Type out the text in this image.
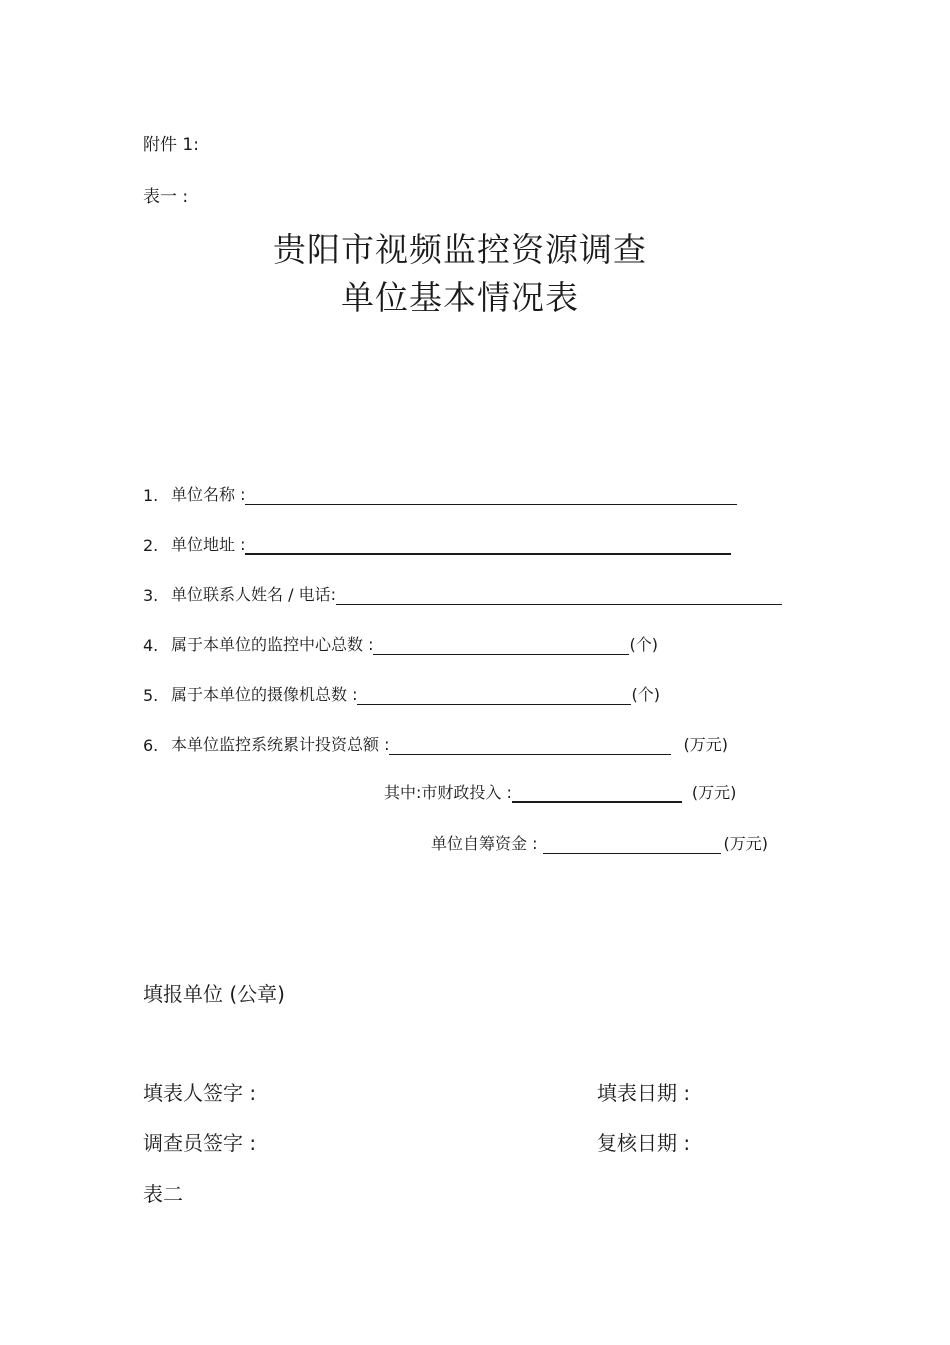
附件 1:
表一 :
贵阳市视频监控资源调查
单位基本情况表
1. 单位名称 :
2. 单位地址 :
3. 单位联系人姓名 / 电话:
4. 属于本单位的监控中心总数 :	(个)
5. 属于本单位的摄像机总数 :	(个)
6. 本单位监控系统累计投资总额 :	(万元)
其中:市财政投入 :	(万元)
单位自筹资金 :	(万元)
填报单位 (公章)
填表人签字 :	填表日期 :
调查员签字 :	复核日期 :
表二
